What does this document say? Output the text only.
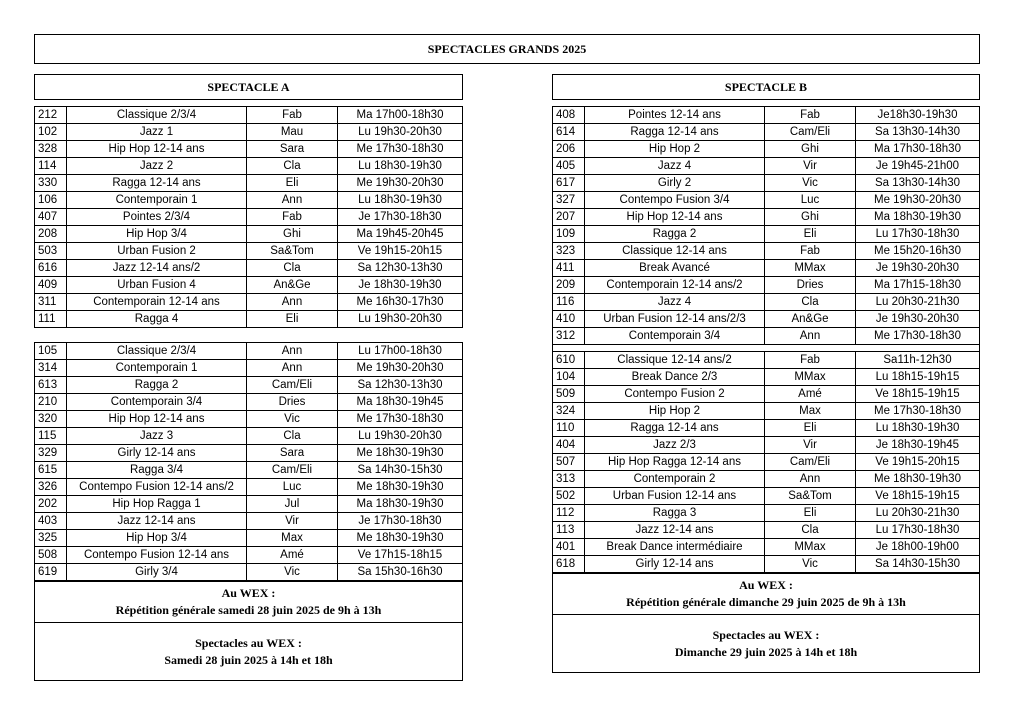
SPECTACLES GRANDS 2025
SPECTACLE A
212	Classique 2/3/4	Fab	Ma 17h00-18h30
102	Jazz 1	Mau	Lu 19h30-20h30
328	Hip Hop 12-14 ans	Sara	Me 17h30-18h30
114	Jazz 2	Cla	Lu 18h30-19h30
330	Ragga 12-14 ans	Eli	Me 19h30-20h30
106	Contemporain 1	Ann	Lu 18h30-19h30
407	Pointes 2/3/4	Fab	Je 17h30-18h30
208	Hip Hop 3/4	Ghi	Ma 19h45-20h45
503	Urban Fusion 2	Sa&Tom	Ve 19h15-20h15
616	Jazz 12-14 ans/2	Cla	Sa 12h30-13h30
409	Urban Fusion 4	An&Ge	Je 18h30-19h30
311	Contemporain 12-14 ans	Ann	Me 16h30-17h30
111	Ragga 4	Eli	Lu 19h30-20h30

105	Classique 2/3/4	Ann	Lu 17h00-18h30
314	Contemporain 1	Ann	Me 19h30-20h30
613	Ragga 2	Cam/Eli	Sa 12h30-13h30
210	Contemporain 3/4	Dries	Ma 18h30-19h45
320	Hip Hop 12-14 ans	Vic	Me 17h30-18h30
115	Jazz 3	Cla	Lu 19h30-20h30
329	Girly 12-14 ans	Sara	Me 18h30-19h30
615	Ragga 3/4	Cam/Eli	Sa 14h30-15h30
326	Contempo Fusion 12-14 ans/2	Luc	Me 18h30-19h30
202	Hip Hop Ragga 1	Jul	Ma 18h30-19h30
403	Jazz 12-14 ans	Vir	Je 17h30-18h30
325	Hip Hop 3/4	Max	Me 18h30-19h30
508	Contempo Fusion 12-14 ans	Amé	Ve 17h15-18h15
619	Girly 3/4	Vic	Sa 15h30-16h30
Au WEX :
Répétition générale samedi 28 juin 2025 de 9h à 13h
Spectacles au WEX :
Samedi 28 juin 2025 à 14h et 18h
SPECTACLE B
408	Pointes 12-14 ans	Fab	Je18h30-19h30
614	Ragga 12-14 ans	Cam/Eli	Sa 13h30-14h30
206	Hip Hop 2	Ghi	Ma 17h30-18h30
405	Jazz 4	Vir	Je 19h45-21h00
617	Girly 2	Vic	Sa 13h30-14h30
327	Contempo Fusion 3/4	Luc	Me 19h30-20h30
207	Hip Hop 12-14 ans	Ghi	Ma 18h30-19h30
109	Ragga 2	Eli	Lu 17h30-18h30
323	Classique 12-14 ans	Fab	Me 15h20-16h30
411	Break Avancé	MMax	Je 19h30-20h30
209	Contemporain 12-14 ans/2	Dries	Ma 17h15-18h30
116	Jazz 4	Cla	Lu 20h30-21h30
410	Urban Fusion 12-14 ans/2/3	An&Ge	Je 19h30-20h30
312	Contemporain 3/4	Ann	Me 17h30-18h30

610	Classique 12-14 ans/2	Fab	Sa11h-12h30
104	Break Dance 2/3	MMax	Lu 18h15-19h15
509	Contempo Fusion 2	Amé	Ve 18h15-19h15
324	Hip Hop 2	Max	Me 17h30-18h30
110	Ragga 12-14 ans	Eli	Lu 18h30-19h30
404	Jazz 2/3	Vir	Je 18h30-19h45
507	Hip Hop Ragga 12-14 ans	Cam/Eli	Ve 19h15-20h15
313	Contemporain 2	Ann	Me 18h30-19h30
502	Urban Fusion 12-14 ans	Sa&Tom	Ve 18h15-19h15
112	Ragga 3	Eli	Lu 20h30-21h30
113	Jazz 12-14 ans	Cla	Lu 17h30-18h30
401	Break Dance intermédiaire	MMax	Je 18h00-19h00
618	Girly 12-14 ans	Vic	Sa 14h30-15h30
Au WEX :
Répétition générale dimanche 29 juin 2025 de 9h à 13h
Spectacles au WEX :
Dimanche 29 juin 2025 à 14h et 18h
